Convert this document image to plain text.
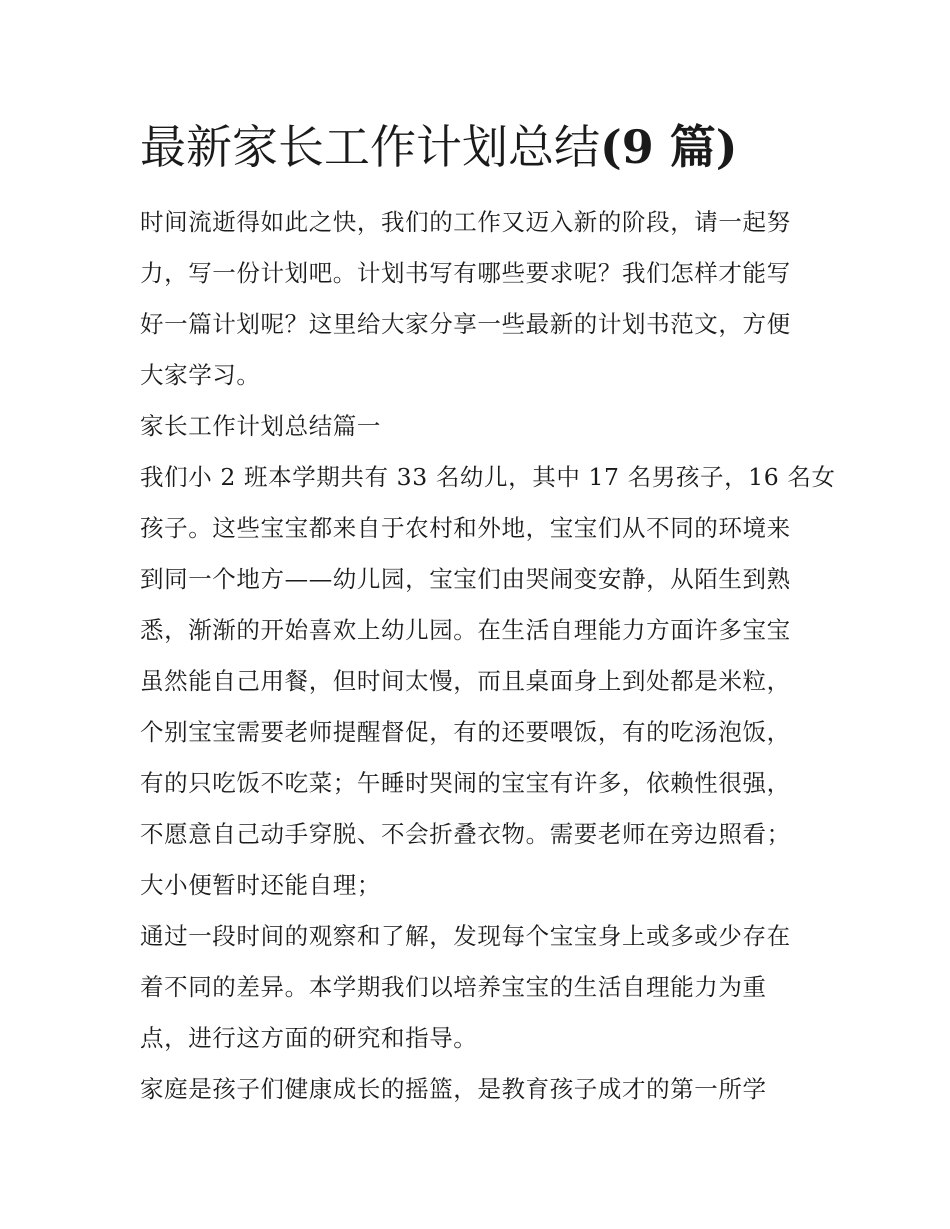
最新家长工作计划总结(9 篇)
时间流逝得如此之快，我们的工作又迈入新的阶段，请一起努
力，写一份计划吧。计划书写有哪些要求呢？我们怎样才能写
好一篇计划呢？这里给大家分享一些最新的计划书范文，方便
大家学习。
家长工作计划总结篇一
我们小 2 班本学期共有 33 名幼儿，其中 17 名男孩子，16 名女
孩子。这些宝宝都来自于农村和外地，宝宝们从不同的环境来
到同一个地方——幼儿园，宝宝们由哭闹变安静，从陌生到熟
悉，渐渐的开始喜欢上幼儿园。在生活自理能力方面许多宝宝
虽然能自己用餐，但时间太慢，而且桌面身上到处都是米粒，
个别宝宝需要老师提醒督促，有的还要喂饭，有的吃汤泡饭，
有的只吃饭不吃菜；午睡时哭闹的宝宝有许多，依赖性很强，
不愿意自己动手穿脱、不会折叠衣物。需要老师在旁边照看；
大小便暂时还能自理；
通过一段时间的观察和了解，发现每个宝宝身上或多或少存在
着不同的差异。本学期我们以培养宝宝的生活自理能力为重
点，进行这方面的研究和指导。
家庭是孩子们健康成长的摇篮，是教育孩子成才的第一所学
